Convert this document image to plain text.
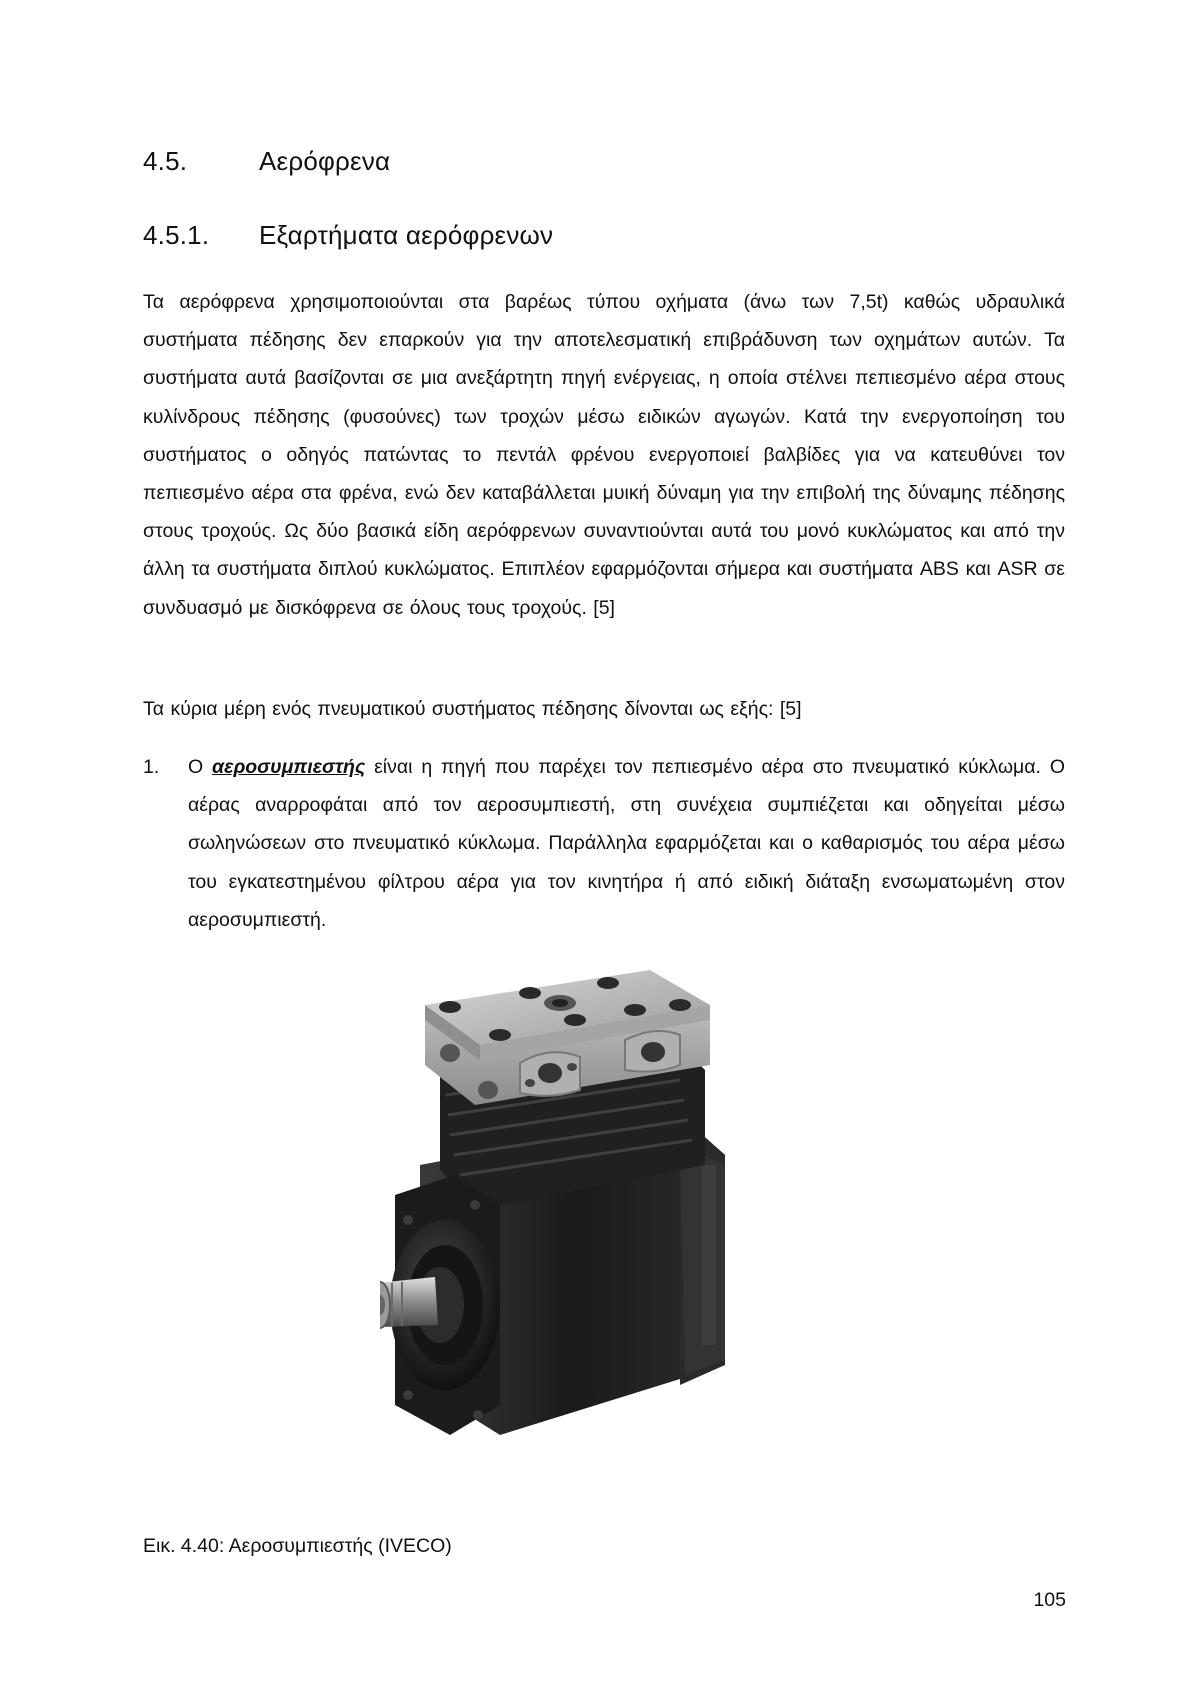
4.5.	Αερόφρενα
4.5.1. Εξαρτήματα αερόφρενων

Τα αερόφρενα χρησιμοποιούνται στα βαρέως τύπου οχήματα (άνω των 7,5t) καθώς υδραυλικά συστήματα πέδησης δεν επαρκούν για την αποτελεσματική επιβράδυνση των οχημάτων αυτών. Τα συστήματα αυτά βασίζονται σε μια ανεξάρτητη πηγή ενέργειας, η οποία στέλνει πεπιεσμένο αέρα στους κυλίνδρους πέδησης (φυσούνες) των τροχών μέσω ειδικών αγωγών. Κατά την ενεργοποίηση του συστήματος ο οδηγός πατώντας το πεντάλ φρένου ενεργοποιεί βαλβίδες για να κατευθύνει τον πεπιεσμένο αέρα στα φρένα, ενώ δεν καταβάλλεται μυική δύναμη για την επιβολή της δύναμης πέδησης στους τροχούς. Ως δύο βασικά είδη αερόφρενων συναντιούνται αυτά του μονό κυκλώματος και από την άλλη τα συστήματα διπλού κυκλώματος. Επιπλέον εφαρμόζονται σήμερα και συστήματα ABS και ASR σε συνδυασμό με δισκόφρενα σε όλους τους τροχούς. [5]

Τα κύρια μέρη ενός πνευματικού συστήματος πέδησης δίνονται ως εξής: [5]

1. Ο αεροσυμπιεστής είναι η πηγή που παρέχει τον πεπιεσμένο αέρα στο πνευματικό κύκλωμα. Ο αέρας αναρροφάται από τον αεροσυμπιεστή, στη συνέχεια συμπιέζεται και οδηγείται μέσω σωληνώσεων στο πνευματικό κύκλωμα. Παράλληλα εφαρμόζεται και ο καθαρισμός του αέρα μέσω του εγκατεστημένου φίλτρου αέρα για τον κινητήρα ή από ειδική διάταξη ενσωματωμένη στον αεροσυμπιεστή.

Εικ. 4.40: Αεροσυμπιεστής (IVECO)

105
